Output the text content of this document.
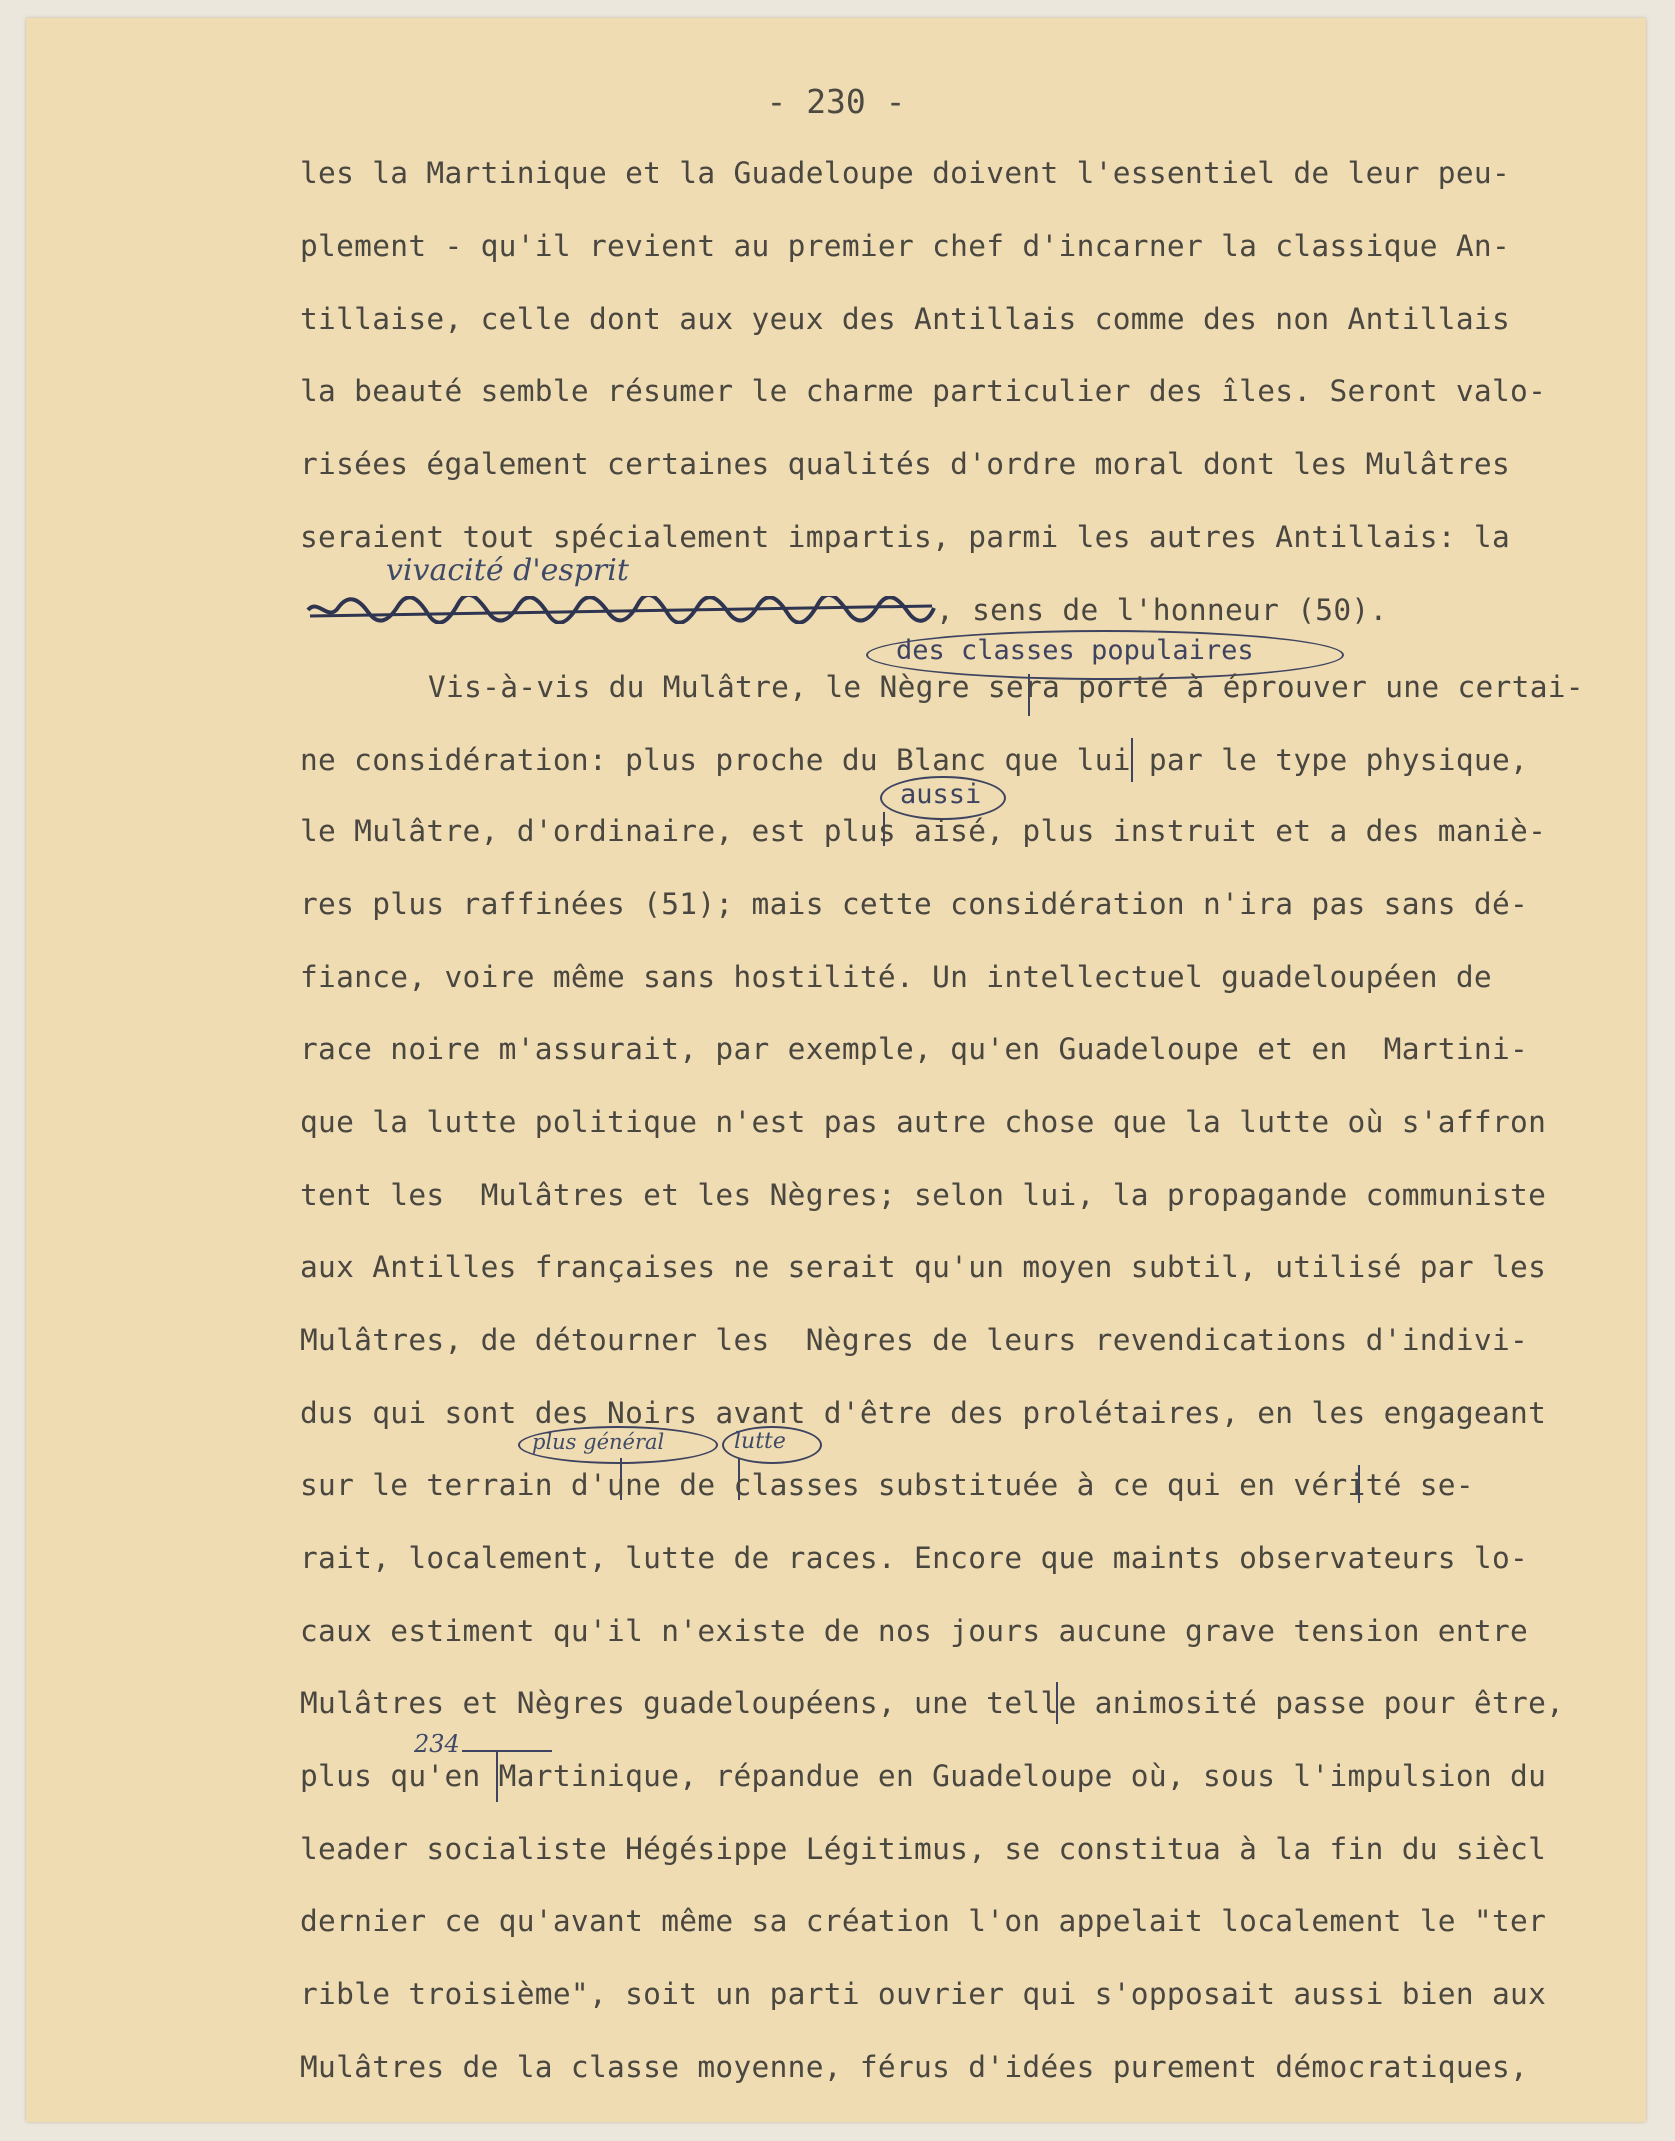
- 230 -
les la Martinique et la Guadeloupe doivent l'essentiel de leur peu-
plement - qu'il revient au premier chef d'incarner la classique An-
tillaise, celle dont aux yeux des Antillais comme des non Antillais
la beauté semble résumer le charme particulier des îles. Seront valo-
risées également certaines qualités d'ordre moral dont les Mulâtres
seraient tout spécialement impartis, parmi les autres Antillais: la
vivacité d'esprit
, sens de l'honneur (50).
des classes populaires
Vis-à-vis du Mulâtre, le Nègre sera porté à éprouver une certai-
ne considération: plus proche du Blanc que lui par le type physique,
aussi
le Mulâtre, d'ordinaire, est plus aisé, plus instruit et a des maniè-
res plus raffinées (51); mais cette considération n'ira pas sans dé-
fiance, voire même sans hostilité. Un intellectuel guadeloupéen de
race noire m'assurait, par exemple, qu'en Guadeloupe et en  Martini-
que la lutte politique n'est pas autre chose que la lutte où s'affron
tent les  Mulâtres et les Nègres; selon lui, la propagande communiste
aux Antilles françaises ne serait qu'un moyen subtil, utilisé par les
Mulâtres, de détourner les  Nègres de leurs revendications d'indivi-
dus qui sont des Noirs avant d'être des prolétaires, en les engageant
plus général	lutte
sur le terrain d'une de classes substituée à ce qui en vérité se-
rait, localement, lutte de races. Encore que maints observateurs lo-
caux estiment qu'il n'existe de nos jours aucune grave tension entre
Mulâtres et Nègres guadeloupéens, une telle animosité passe pour être,
234
plus qu'en Martinique, répandue en Guadeloupe où, sous l'impulsion du
leader socialiste Hégésippe Légitimus, se constitua à la fin du siècl
dernier ce qu'avant même sa création l'on appelait localement le "ter
rible troisième", soit un parti ouvrier qui s'opposait aussi bien aux
Mulâtres de la classe moyenne, férus d'idées purement démocratiques,
